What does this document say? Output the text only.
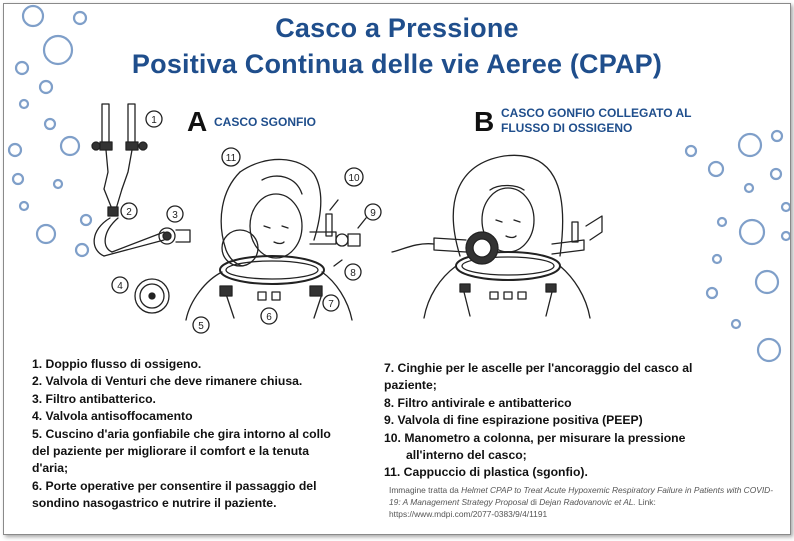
Casco a Pressione
Positiva Continua delle vie Aeree (CPAP)
A CASCO SGONFIO	B CASCO GONFIO COLLEGATO AL
FLUSSO DI OSSIGENO
1
2	3
4
5
6
7
8
9
10
11
1. Doppio flusso di ossigeno.
2. Valvola di Venturi che deve rimanere chiusa.
3. Filtro antibatterico.
4. Valvola antisoffocamento
5. Cuscino d'aria gonfiabile che gira intorno al collo
del paziente per migliorare il comfort e la tenuta
d'aria;
6. Porte operative per consentire il passaggio del
sondino nasogastrico e nutrire il paziente.
7. Cinghie per le ascelle per l'ancoraggio del casco al
paziente;
8. Filtro antivirale e antibatterico
9. Valvola di fine espirazione positiva (PEEP)
10. Manometro a colonna, per misurare la pressione
all'interno del casco;
11. Cappuccio di plastica (sgonfio).
Immagine tratta da Helmet CPAP to Treat Acute Hypoxemic Respiratory Failure in Patients with COVID-19: A Management Strategy Proposal di Dejan Radovanovic et AL. Link:
https://www.mdpi.com/2077-0383/9/4/1191
